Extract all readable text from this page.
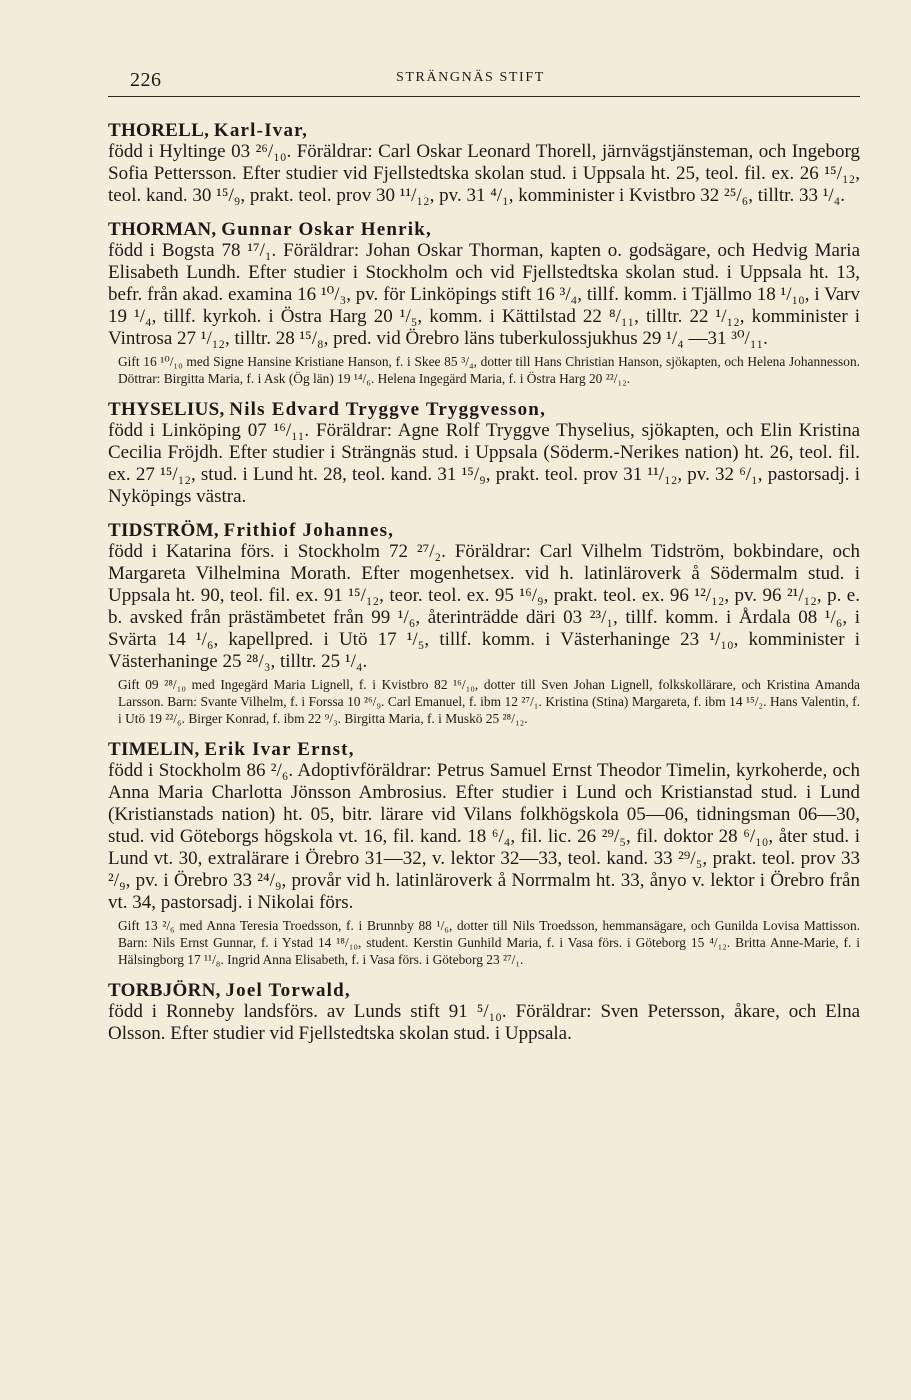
226	STRÄNGNÄS STIFT
THORELL, Karl-Ivar,
född i Hyltinge 03 ²⁶/₁₀. Föräldrar: Carl Oskar Leonard Thorell, järnvägstjänsteman, och Ingeborg Sofia Pettersson. Efter studier vid Fjellstedtska skolan stud. i Uppsala ht. 25, teol. fil. ex. 26 ¹⁵/₁₂, teol. kand. 30 ¹⁵/₉, prakt. teol. prov 30 ¹¹/₁₂, pv. 31 ⁴/₁, komminister i Kvistbro 32 ²⁵/₆, tilltr. 33 ¹/₄.
THORMAN, Gunnar Oskar Henrik,
född i Bogsta 78 ¹⁷/₁. Föräldrar: Johan Oskar Thorman, kapten o. godsägare, och Hedvig Maria Elisabeth Lundh. Efter studier i Stockholm och vid Fjellstedtska skolan stud. i Uppsala ht. 13, befr. från akad. examina 16 ¹⁰/₃, pv. för Linköpings stift 16 ³/₄, tillf. komm. i Tjällmo 18 ¹/₁₀, i Varv 19 ¹/₄, tillf. kyrkoh. i Östra Harg 20 ¹/₅, komm. i Kättilstad 22 ⁸/₁₁, tilltr. 22 ¹/₁₂, komminister i Vintrosa 27 ¹/₁₂, tilltr. 28 ¹⁵/₈, pred. vid Örebro läns tuberkulossjukhus 29 ¹/₄ —31 ³⁰/₁₁.
Gift 16 ¹⁰/₁₀ med Signe Hansine Kristiane Hanson, f. i Skee 85 ³/₄, dotter till Hans Christian Hanson, sjökapten, och Helena Johannesson. Döttrar: Birgitta Maria, f. i Ask (Ög län) 19 ¹⁴/₆. Helena Ingegärd Maria, f. i Östra Harg 20 ²²/₁₂.
THYSELIUS, Nils Edvard Tryggve Tryggvesson,
född i Linköping 07 ¹⁶/₁₁. Föräldrar: Agne Rolf Tryggve Thyselius, sjökapten, och Elin Kristina Cecilia Fröjdh. Efter studier i Strängnäs stud. i Uppsala (Söderm.-Nerikes nation) ht. 26, teol. fil. ex. 27 ¹⁵/₁₂, stud. i Lund ht. 28, teol. kand. 31 ¹⁵/₉, prakt. teol. prov 31 ¹¹/₁₂, pv. 32 ⁶/₁, pastorsadj. i Nyköpings västra.
TIDSTRÖM, Frithiof Johannes,
född i Katarina förs. i Stockholm 72 ²⁷/₂. Föräldrar: Carl Vilhelm Tidström, bokbindare, och Margareta Vilhelmina Morath. Efter mogenhetsex. vid h. latinläroverk å Södermalm stud. i Uppsala ht. 90, teol. fil. ex. 91 ¹⁵/₁₂, teor. teol. ex. 95 ¹⁶/₉, prakt. teol. ex. 96 ¹²/₁₂, pv. 96 ²¹/₁₂, p. e. b. avsked från prästämbetet från 99 ¹/₆, återinträdde däri 03 ²³/₁, tillf. komm. i Årdala 08 ¹/₆, i Svärta 14 ¹/₆, kapellpred. i Utö 17 ¹/₅, tillf. komm. i Västerhaninge 23 ¹/₁₀, komminister i Västerhaninge 25 ²⁸/₃, tilltr. 25 ¹/₄.
Gift 09 ²⁸/₁₀ med Ingegärd Maria Lignell, f. i Kvistbro 82 ¹⁶/₁₀, dotter till Sven Johan Lignell, folkskollärare, och Kristina Amanda Larsson. Barn: Svante Vilhelm, f. i Forssa 10 ²⁶/₉. Carl Emanuel, f. ibm 12 ²⁷/₁. Kristina (Stina) Margareta, f. ibm 14 ¹⁵/₂. Hans Valentin, f. i Utö 19 ²²/₆. Birger Konrad, f. ibm 22 ⁹/₃. Birgitta Maria, f. i Muskö 25 ²⁸/₁₂.
TIMELIN, Erik Ivar Ernst,
född i Stockholm 86 ²/₆. Adoptivföräldrar: Petrus Samuel Ernst Theodor Timelin, kyrkoherde, och Anna Maria Charlotta Jönsson Ambrosius. Efter studier i Lund och Kristianstad stud. i Lund (Kristianstads nation) ht. 05, bitr. lärare vid Vilans folkhögskola 05—06, tidningsman 06—30, stud. vid Göteborgs högskola vt. 16, fil. kand. 18 ⁶/₄, fil. lic. 26 ²⁹/₅, fil. doktor 28 ⁶/₁₀, åter stud. i Lund vt. 30, extralärare i Örebro 31—32, v. lektor 32—33, teol. kand. 33 ²⁹/₅, prakt. teol. prov 33 ²/₉, pv. i Örebro 33 ²⁴/₉, provår vid h. latinläroverk å Norrmalm ht. 33, ånyo v. lektor i Örebro från vt. 34, pastorsadj. i Nikolai förs.
Gift 13 ²/₆ med Anna Teresia Troedsson, f. i Brunnby 88 ¹/₆, dotter till Nils Troedsson, hemmansägare, och Gunilda Lovisa Mattisson. Barn: Nils Ernst Gunnar, f. i Ystad 14 ¹⁸/₁₀, student. Kerstin Gunhild Maria, f. i Vasa förs. i Göteborg 15 ⁴/₁₂. Britta Anne-Marie, f. i Hälsingborg 17 ¹¹/₈. Ingrid Anna Elisabeth, f. i Vasa förs. i Göteborg 23 ²⁷/₁.
TORBJÖRN, Joel Torwald,
född i Ronneby landsförs. av Lunds stift 91 ⁵/₁₀. Föräldrar: Sven Petersson, åkare, och Elna Olsson. Efter studier vid Fjellstedtska skolan stud. i Uppsala.
